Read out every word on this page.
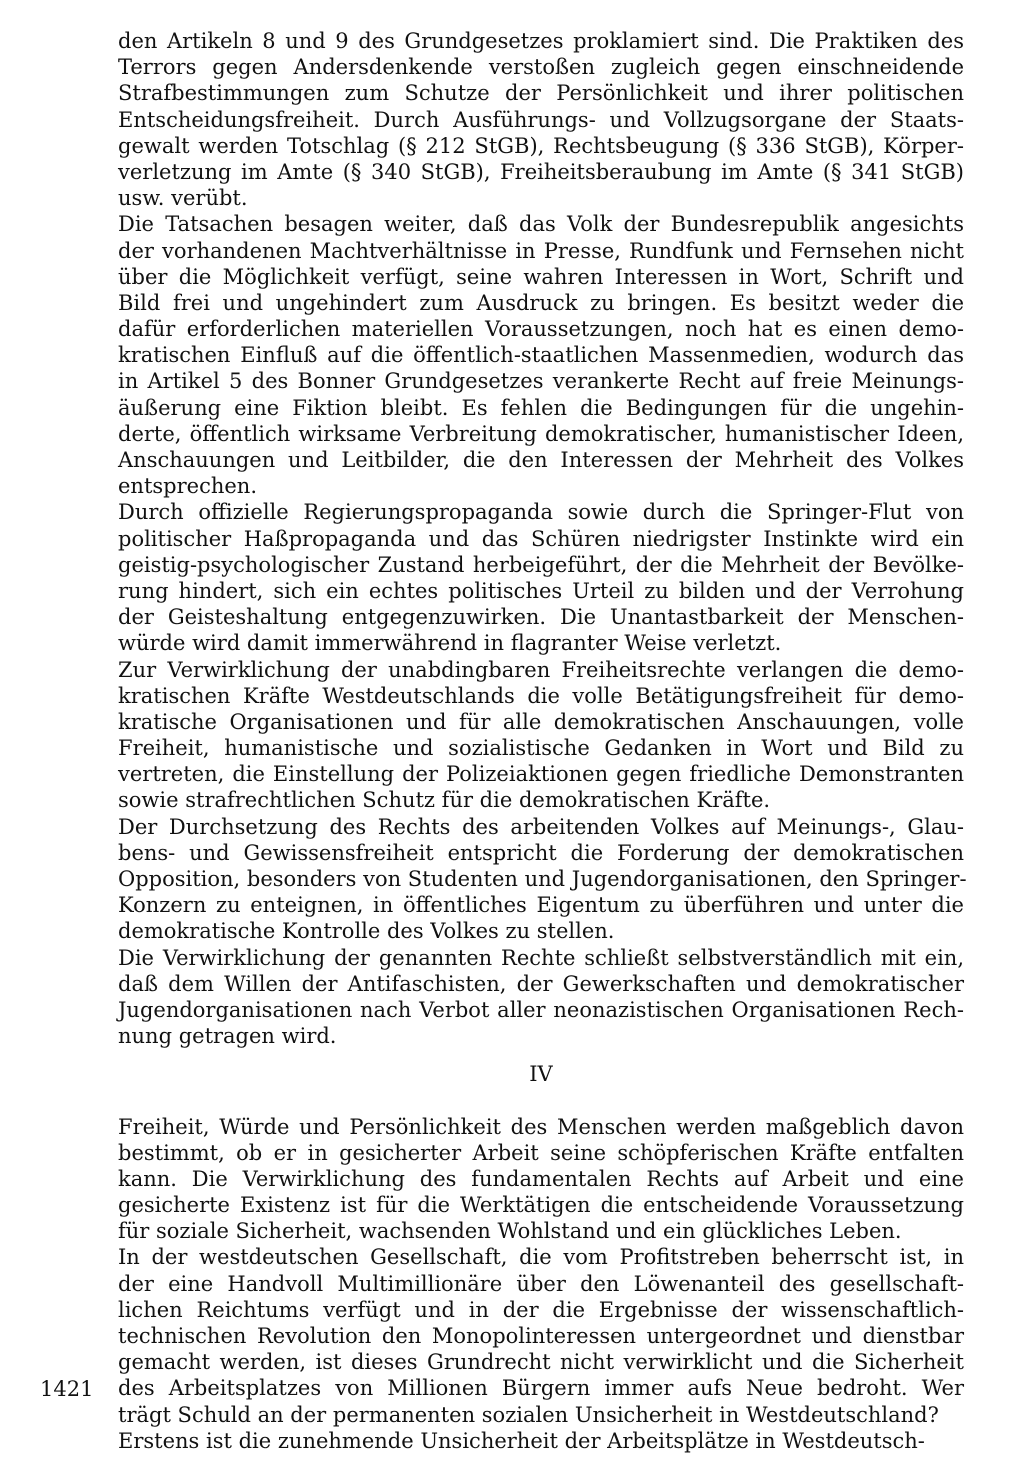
den Artikeln 8 und 9 des Grundgesetzes proklamiert sind. Die Praktiken des
Terrors gegen Andersdenkende verstoßen zugleich gegen einschneidende
Strafbestimmungen zum Schutze der Persönlichkeit und ihrer politischen
Entscheidungsfreiheit. Durch Ausführungs- und Vollzugsorgane der Staats-
gewalt werden Totschlag (§ 212 StGB), Rechtsbeugung (§ 336 StGB), Körper-
verletzung im Amte (§ 340 StGB), Freiheitsberaubung im Amte (§ 341 StGB)
usw. verübt.
Die Tatsachen besagen weiter, daß das Volk der Bundesrepublik angesichts
der vorhandenen Machtverhältnisse in Presse, Rundfunk und Fernsehen nicht
über die Möglichkeit verfügt, seine wahren Interessen in Wort, Schrift und
Bild frei und ungehindert zum Ausdruck zu bringen. Es besitzt weder die
dafür erforderlichen materiellen Voraussetzungen, noch hat es einen demo-
kratischen Einfluß auf die öffentlich-staatlichen Massenmedien, wodurch das
in Artikel 5 des Bonner Grundgesetzes verankerte Recht auf freie Meinungs-
äußerung eine Fiktion bleibt. Es fehlen die Bedingungen für die ungehin-
derte, öffentlich wirksame Verbreitung demokratischer, humanistischer Ideen,
Anschauungen und Leitbilder, die den Interessen der Mehrheit des Volkes
entsprechen.
Durch offizielle Regierungspropaganda sowie durch die Springer-Flut von
politischer Haßpropaganda und das Schüren niedrigster Instinkte wird ein
geistig-psychologischer Zustand herbeigeführt, der die Mehrheit der Bevölke-
rung hindert, sich ein echtes politisches Urteil zu bilden und der Verrohung
der Geisteshaltung entgegenzuwirken. Die Unantastbarkeit der Menschen-
würde wird damit immerwährend in flagranter Weise verletzt.
Zur Verwirklichung der unabdingbaren Freiheitsrechte verlangen die demo-
kratischen Kräfte Westdeutschlands die volle Betätigungsfreiheit für demo-
kratische Organisationen und für alle demokratischen Anschauungen, volle
Freiheit, humanistische und sozialistische Gedanken in Wort und Bild zu
vertreten, die Einstellung der Polizeiaktionen gegen friedliche Demonstranten
sowie strafrechtlichen Schutz für die demokratischen Kräfte.
Der Durchsetzung des Rechts des arbeitenden Volkes auf Meinungs-, Glau-
bens- und Gewissensfreiheit entspricht die Forderung der demokratischen
Opposition, besonders von Studenten und Jugendorganisationen, den Springer-
Konzern zu enteignen, in öffentliches Eigentum zu überführen und unter die
demokratische Kontrolle des Volkes zu stellen.
Die Verwirklichung der genannten Rechte schließt selbstverständlich mit ein,
daß dem Willen der Antifaschisten, der Gewerkschaften und demokratischer
Jugendorganisationen nach Verbot aller neonazistischen Organisationen Rech-
nung getragen wird.
IV
Freiheit, Würde und Persönlichkeit des Menschen werden maßgeblich davon
bestimmt, ob er in gesicherter Arbeit seine schöpferischen Kräfte entfalten
kann. Die Verwirklichung des fundamentalen Rechts auf Arbeit und eine
gesicherte Existenz ist für die Werktätigen die entscheidende Voraussetzung
für soziale Sicherheit, wachsenden Wohlstand und ein glückliches Leben.
In der westdeutschen Gesellschaft, die vom Profitstreben beherrscht ist, in
der eine Handvoll Multimillionäre über den Löwenanteil des gesellschaft-
lichen Reichtums verfügt und in der die Ergebnisse der wissenschaftlich-
technischen Revolution den Monopolinteressen untergeordnet und dienstbar
gemacht werden, ist dieses Grundrecht nicht verwirklicht und die Sicherheit
des Arbeitsplatzes von Millionen Bürgern immer aufs Neue bedroht. Wer
trägt Schuld an der permanenten sozialen Unsicherheit in Westdeutschland?
Erstens ist die zunehmende Unsicherheit der Arbeitsplätze in Westdeutsch-
1421
